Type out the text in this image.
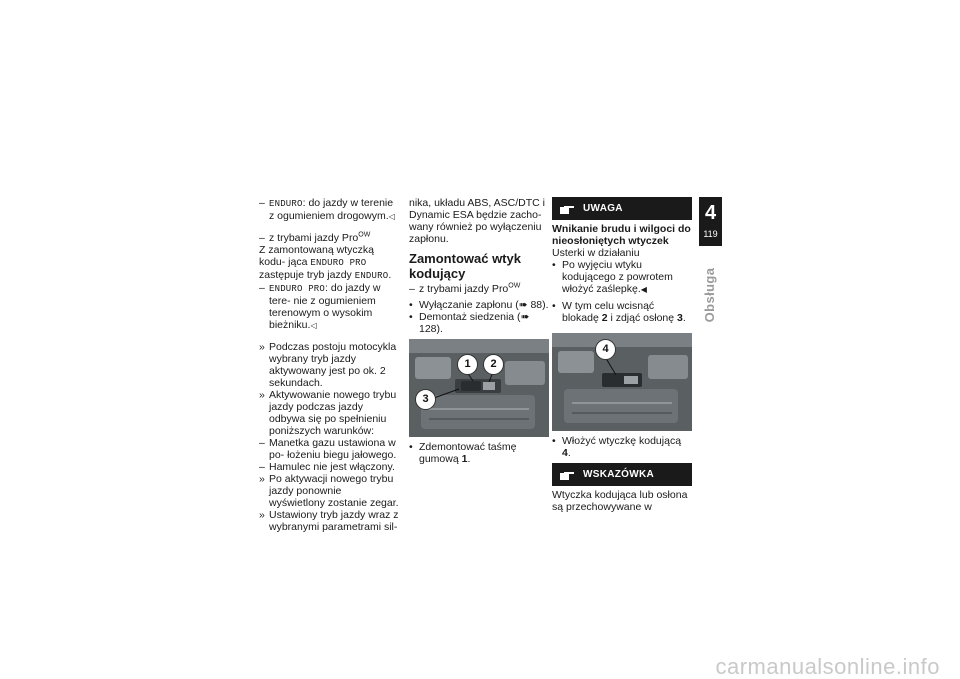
– ENDURO: do jazdy w terenie z ogumieniem drogowym.◁
– z trybami jazdy Pro$^{OW}$
Z zamontowaną wtyczką kodu- jąca ENDURO PRO zastępuje tryb jazdy ENDURO.
– ENDURO PRO: do jazdy w tere- nie z ogumieniem terenowym o wysokim bieżniku.◁
» Podczas postoju motocykla wybrany tryb jazdy aktywowany jest po ok. 2 sekundach.
» Aktywowanie nowego trybu jazdy podczas jazdy odbywa się po spełnieniu poniższych warunków:
– Manetka gazu ustawiona w po- łożeniu biegu jałowego.
– Hamulec nie jest włączony.
» Po aktywacji nowego trybu jazdy ponownie wyświetlony zostanie zegar.
» Ustawiony tryb jazdy wraz z wybranymi parametrami sil-
nika, układu ABS, ASC/DTC i Dynamic ESA będzie zacho- wany również po wyłączeniu zapłonu.
Zamontować wtyk kodujący
– z trybami jazdy Pro$^{OW}$
• Wyłączanie zapłonu (➠ 88).
• Demontaż siedzenia (➠ 128).
1	2
3
• Zdemontować taśmę gumową 1.
UWAGA
Wnikanie brudu i wilgoci do nieosłoniętych wtyczek
Usterki w działaniu
• Po wyjęciu wtyku kodującego z powrotem włożyć zaślepkę.◀
• W tym celu wcisnąć blokadę 2 i zdjąć osłonę 3.
4
• Włożyć wtyczkę kodującą 4.
WSKAZÓWKA
Wtyczka kodująca lub osłona są przechowywane w
4
119
Obsługa
carmanualsonline.info
